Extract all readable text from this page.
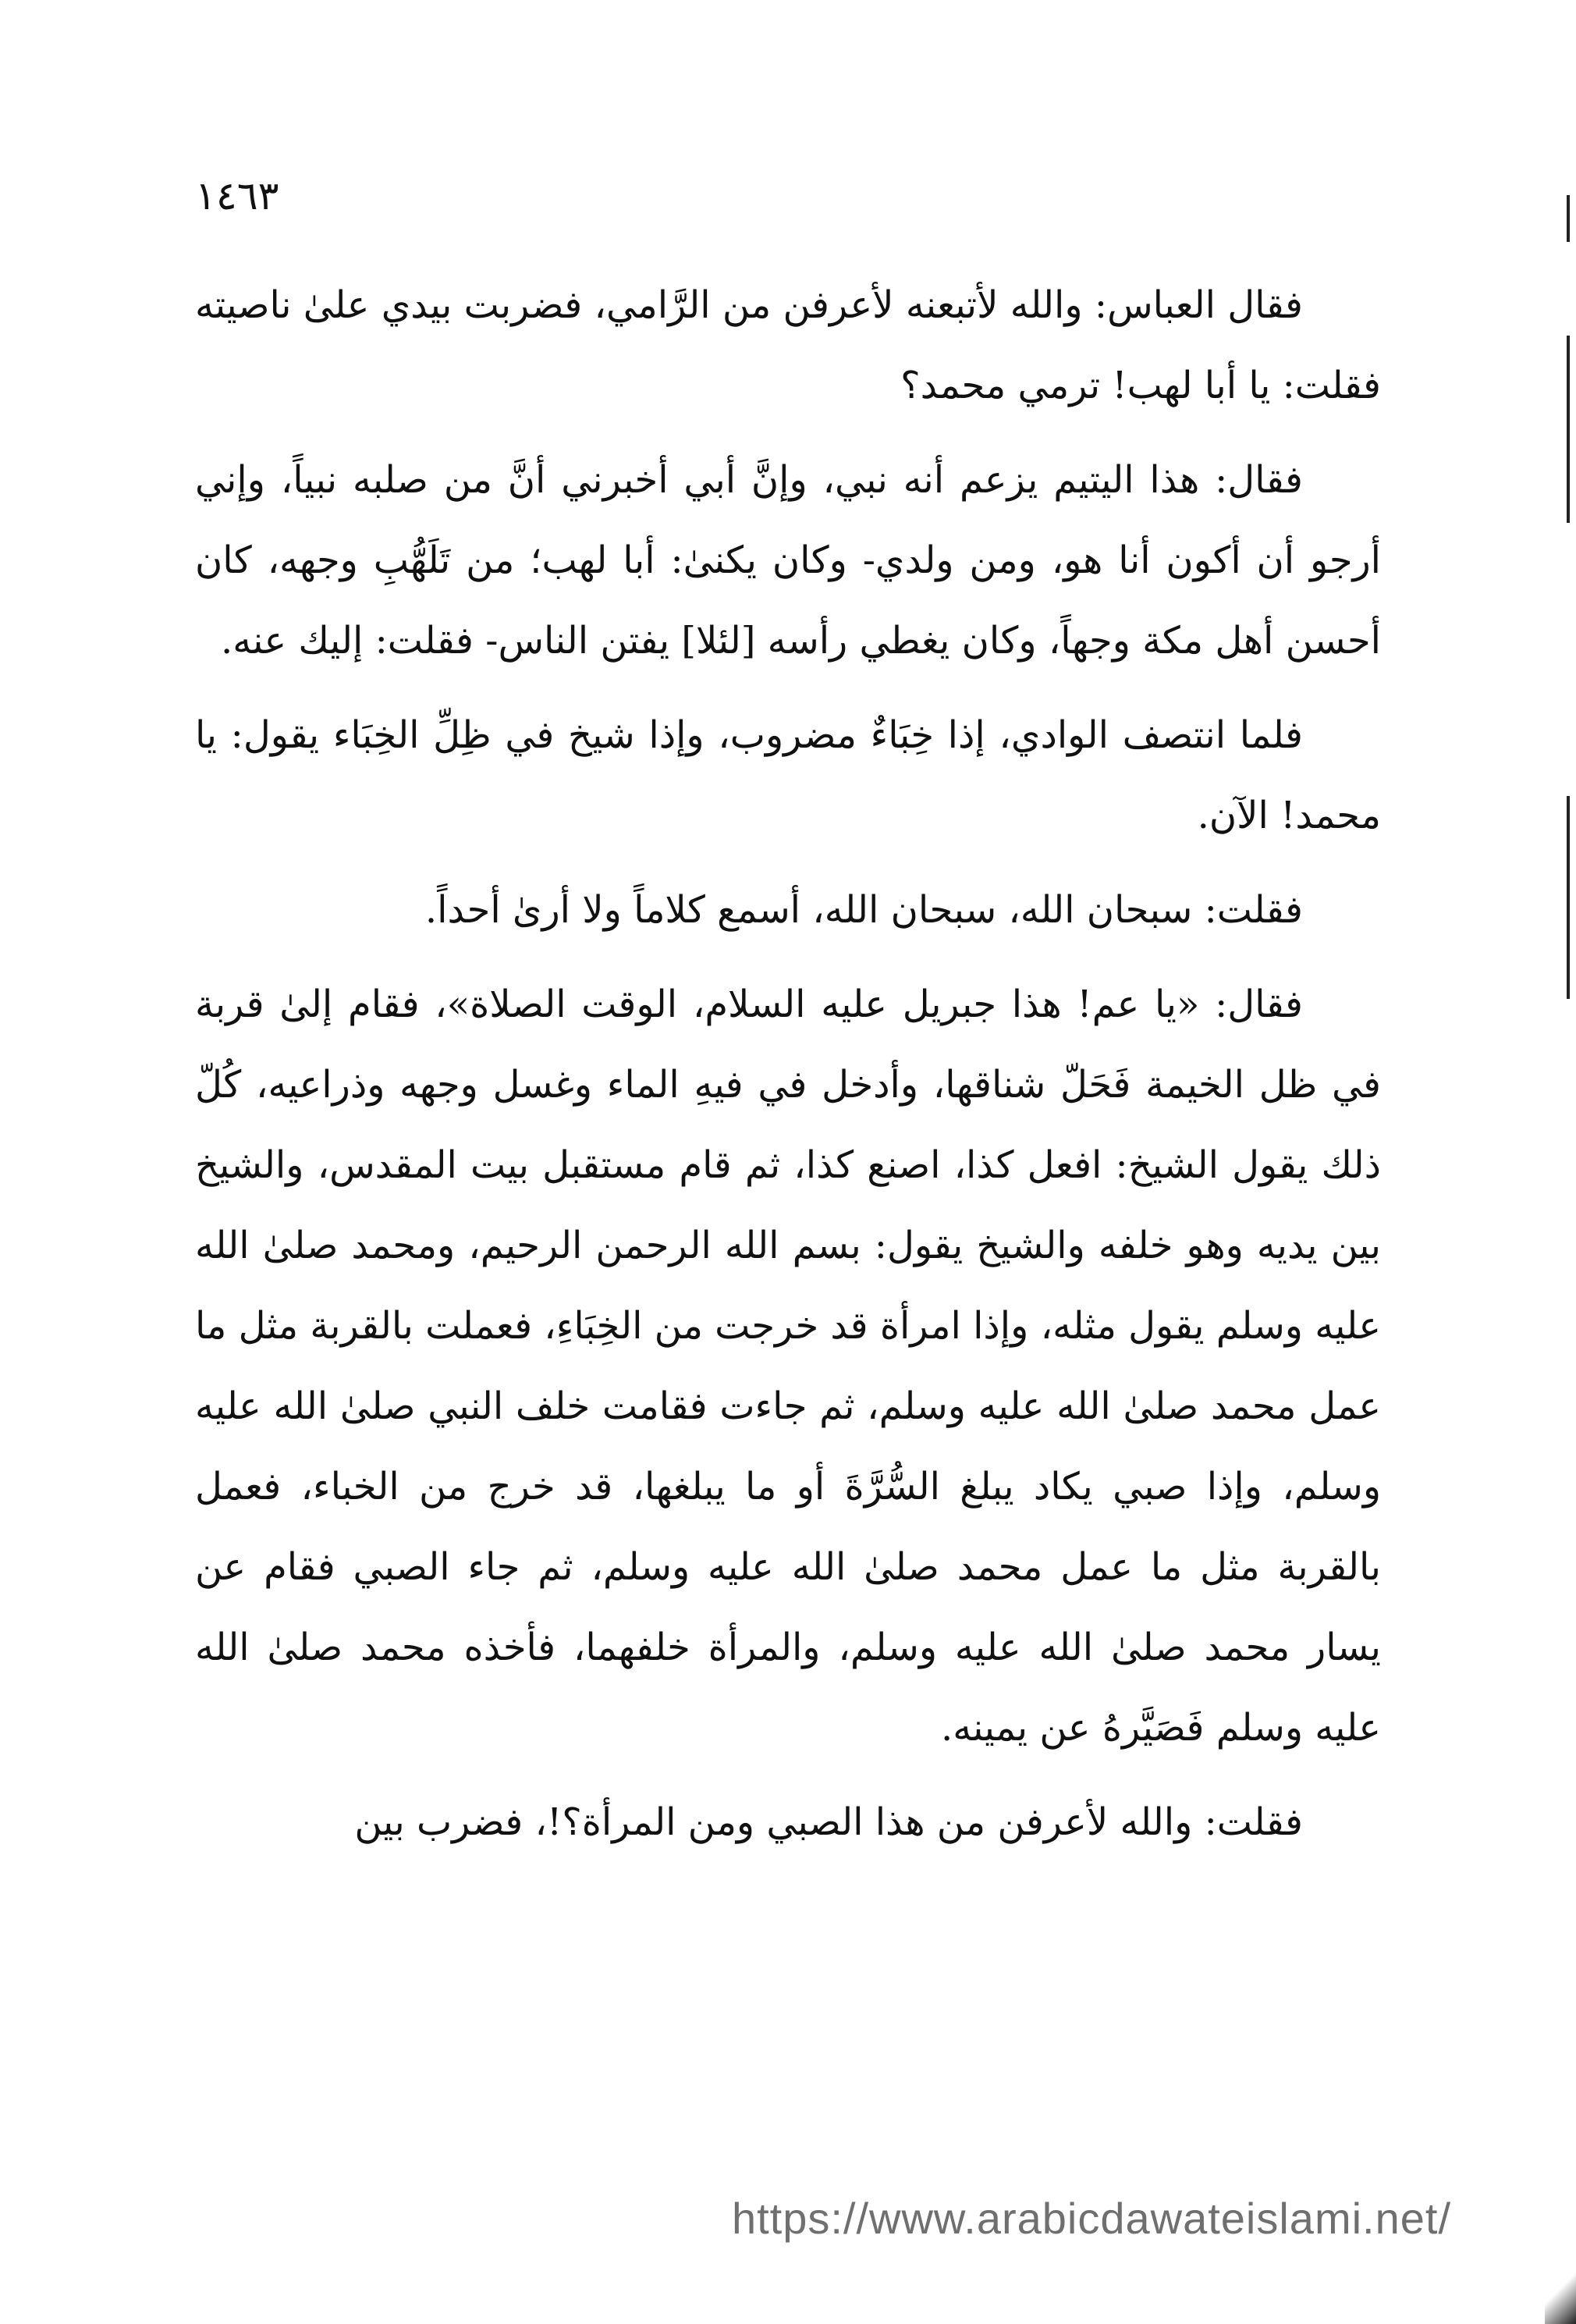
١٤٦٣

فقال العباس: والله لأتبعنه لأعرفن من الرَّامي، فضربت بيدي علىٰ ناصيته فقلت: يا أبا لهب! ترمي محمد؟

فقال: هذا اليتيم يزعم أنه نبي، وإنَّ أبي أخبرني أنَّ من صلبه نبياً، وإني أرجو أن أكون أنا هو، ومن ولدي- وكان يكنىٰ: أبا لهب؛ من تَلَهُّبِ وجهه، كان أحسن أهل مكة وجهاً، وكان يغطي رأسه [لئلا] يفتن الناس- فقلت: إليك عنه.

فلما انتصف الوادي، إذا خِبَاءٌ مضروب، وإذا شيخ في ظِلِّ الخِبَاء يقول: يا محمد! الآن.

فقلت: سبحان الله، سبحان الله، أسمع كلاماً ولا أرىٰ أحداً.

فقال: «يا عم! هذا جبريل عليه السلام، الوقت الصلاة»، فقام إلىٰ قربة في ظل الخيمة فَحَلّ شناقها، وأدخل في فيهِ الماء وغسل وجهه وذراعيه، كُلّ ذلك يقول الشيخ: افعل كذا، اصنع كذا، ثم قام مستقبل بيت المقدس، والشيخ بين يديه وهو خلفه والشيخ يقول: بسم الله الرحمن الرحيم، ومحمد صلىٰ الله عليه وسلم يقول مثله، وإذا امرأة قد خرجت من الخِبَاءِ، فعملت بالقربة مثل ما عمل محمد صلىٰ الله عليه وسلم، ثم جاءت فقامت خلف النبي صلىٰ الله عليه وسلم، وإذا صبي يكاد يبلغ السُّرَّةَ أو ما يبلغها، قد خرج من الخباء، فعمل بالقربة مثل ما عمل محمد صلىٰ الله عليه وسلم، ثم جاء الصبي فقام عن يسار محمد صلىٰ الله عليه وسلم، والمرأة خلفهما، فأخذه محمد صلىٰ الله عليه وسلم فَصَيَّرهُ عن يمينه.

فقلت: والله لأعرفن من هذا الصبي ومن المرأة؟!، فضرب بين

https://www.arabicdawateislami.net/
